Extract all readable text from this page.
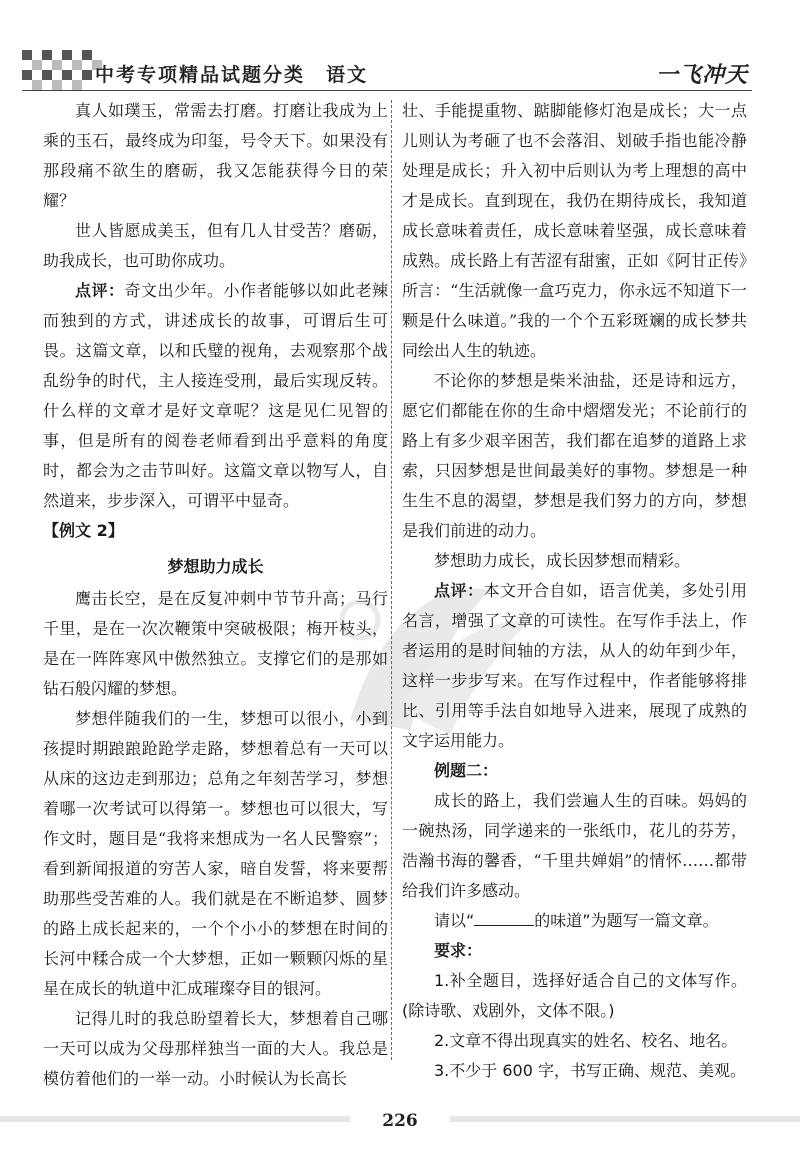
中考专项精品试题分类　语文	一飞冲天

真人如璞玉，常需去打磨。打磨让我成为上乘的玉石，最终成为印玺，号令天下。如果没有那段痛不欲生的磨砺，我又怎能获得今日的荣耀？

世人皆愿成美玉，但有几人甘受苦？磨砺，助我成长，也可助你成功。

点评：奇文出少年。小作者能够以如此老辣而独到的方式，讲述成长的故事，可谓后生可畏。这篇文章，以和氏璧的视角，去观察那个战乱纷争的时代，主人接连受刑，最后实现反转。什么样的文章才是好文章呢？这是见仁见智的事，但是所有的阅卷老师看到出乎意料的角度时，都会为之击节叫好。这篇文章以物写人，自然道来，步步深入，可谓平中显奇。

【例文 2】

梦想助力成长

鹰击长空，是在反复冲刺中节节升高；马行千里，是在一次次鞭策中突破极限；梅开枝头，是在一阵阵寒风中傲然独立。支撑它们的是那如钻石般闪耀的梦想。

梦想伴随我们的一生，梦想可以很小，小到孩提时期踉踉跄跄学走路，梦想着总有一天可以从床的这边走到那边；总角之年刻苦学习，梦想着哪一次考试可以得第一。梦想也可以很大，写作文时，题目是“我将来想成为一名人民警察”；看到新闻报道的穷苦人家，暗自发誓，将来要帮助那些受苦难的人。我们就是在不断追梦、圆梦的路上成长起来的，一个个小小的梦想在时间的长河中糅合成一个大梦想，正如一颗颗闪烁的星星在成长的轨道中汇成璀璨夺目的银河。

记得儿时的我总盼望着长大，梦想着自己哪一天可以成为父母那样独当一面的大人。我总是模仿着他们的一举一动。小时候认为长高长

壮、手能提重物、踮脚能修灯泡是成长；大一点儿则认为考砸了也不会落泪、划破手指也能冷静处理是成长；升入初中后则认为考上理想的高中才是成长。直到现在，我仍在期待成长，我知道成长意味着责任，成长意味着坚强，成长意味着成熟。成长路上有苦涩有甜蜜，正如《阿甘正传》所言：“生活就像一盒巧克力，你永远不知道下一颗是什么味道。”我的一个个五彩斑斓的成长梦共同绘出人生的轨迹。

不论你的梦想是柴米油盐，还是诗和远方，愿它们都能在你的生命中熠熠发光；不论前行的路上有多少艰辛困苦，我们都在追梦的道路上求索，只因梦想是世间最美好的事物。梦想是一种生生不息的渴望，梦想是我们努力的方向，梦想是我们前进的动力。

梦想助力成长，成长因梦想而精彩。

点评：本文开合自如，语言优美，多处引用名言，增强了文章的可读性。在写作手法上，作者运用的是时间轴的方法，从人的幼年到少年，这样一步步写来。在写作过程中，作者能够将排比、引用等手法自如地导入进来，展现了成熟的文字运用能力。

例题二：

成长的路上，我们尝遍人生的百味。妈妈的一碗热汤，同学递来的一张纸巾，花儿的芬芳，浩瀚书海的馨香，“千里共婵娟”的情怀……都带给我们许多感动。

请以“	的味道”为题写一篇文章。

要求：

1.补全题目，选择好适合自己的文体写作。(除诗歌、戏剧外，文体不限。)

2.文章不得出现真实的姓名、校名、地名。

3.不少于 600 字，书写正确、规范、美观。

226
